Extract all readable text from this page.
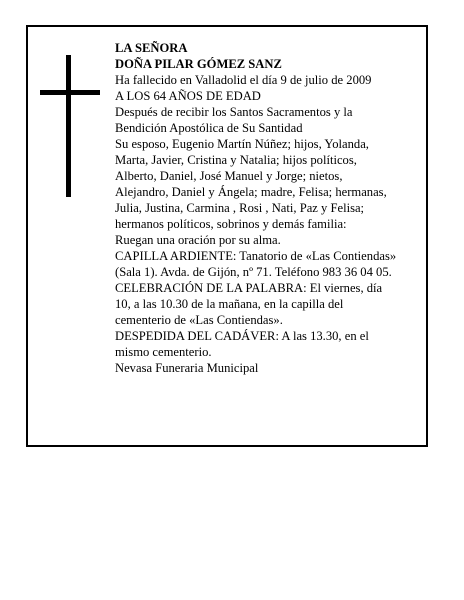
LA SEÑORA
DOÑA PILAR GÓMEZ SANZ
Ha fallecido en Valladolid el día 9 de julio de 2009
A LOS 64 AÑOS DE EDAD
Después de recibir los Santos Sacramentos y la
Bendición Apostólica de Su Santidad
Su esposo, Eugenio Martín Núñez; hijos, Yolanda,
Marta, Javier, Cristina y Natalia; hijos políticos,
Alberto, Daniel, José Manuel y Jorge; nietos,
Alejandro, Daniel y Ángela; madre, Felisa; hermanas,
Julia, Justina, Carmina , Rosi , Nati, Paz y Felisa;
hermanos políticos, sobrinos y demás familia:
Ruegan una oración por su alma.
CAPILLA ARDIENTE: Tanatorio de «Las Contiendas»
(Sala 1). Avda. de Gijón, nº 71. Teléfono 983 36 04 05.
CELEBRACIÓN DE LA PALABRA: El viernes, día
10, a las 10.30 de la mañana, en la capilla del
cementerio de «Las Contiendas».
DESPEDIDA DEL CADÁVER: A las 13.30, en el
mismo cementerio.
Nevasa Funeraria Municipal
